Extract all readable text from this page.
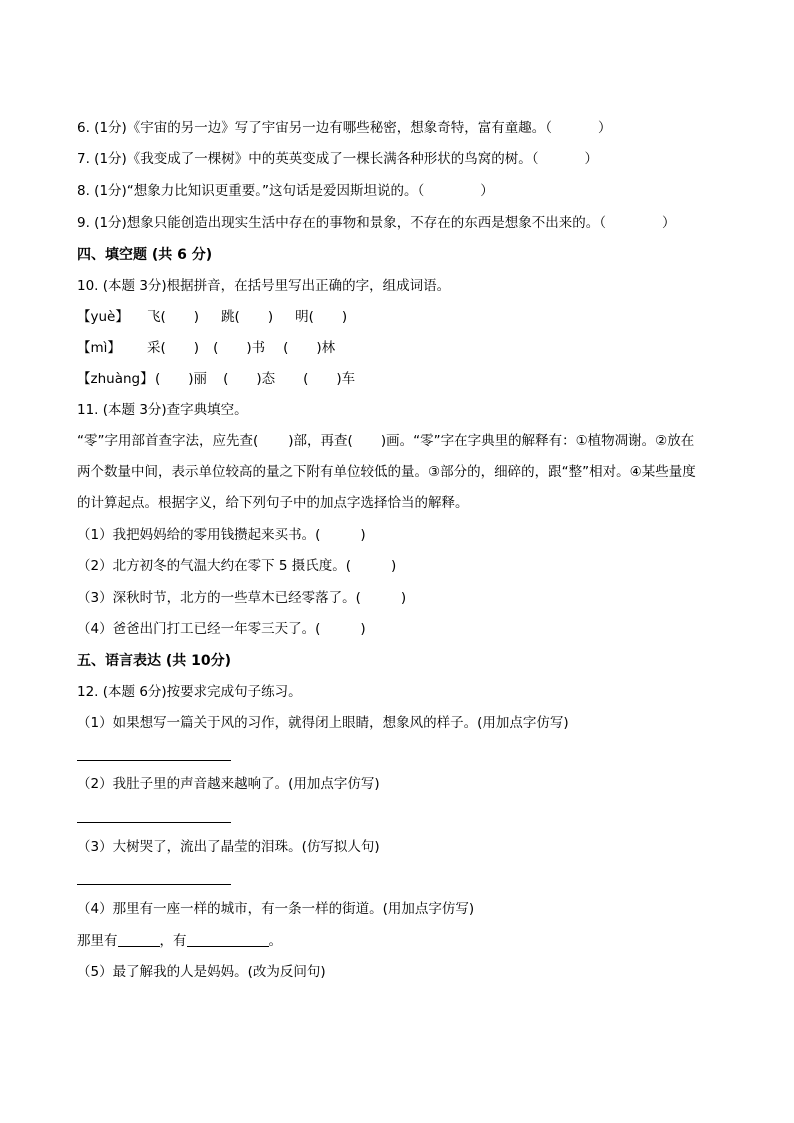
6. (1分)《宇宙的另一边》写了宇宙另一边有哪些秘密，想象奇特，富有童趣。（	）
7. (1分)《我变成了一棵树》中的英英变成了一棵长满各种形状的鸟窝的树。（	）
8. (1分)“想象力比知识更重要。”这句话是爱因斯坦说的。（	）
9. (1分)想象只能创造出现实生活中存在的事物和景象，不存在的东西是想象不出来的。（	）
四、填空题 (共 6 分)
10. (本题 3分)根据拼音，在括号里写出正确的字，组成词语。
【yuè】 飞( ) 跳( ) 明( )
【mì】 采( ) ( )书 ( )林
【zhuàng】( )丽 ( )态 ( )车
11. (本题 3分)查字典填空。
“零”字用部首查字法，应先查( )部，再查( )画。“零”字在字典里的解释有：①植物凋谢。②放在
两个数量中间，表示单位较高的量之下附有单位较低的量。③部分的，细碎的，跟“整”相对。④某些量度
的计算起点。根据字义，给下列句子中的加点字选择恰当的解释。
（1）我把妈妈给的零用钱攒起来买书。(	)
（2）北方初冬的气温大约在零下 5 摄氏度。(	)
（3）深秋时节，北方的一些草木已经零落了。(	)
（4）爸爸出门打工已经一年零三天了。(	)
五、语言表达 (共 10分)
12. (本题 6分)按要求完成句子练习。
（1）如果想写一篇关于风的习作，就得闭上眼睛，想象风的样子。(用加点字仿写)
（2）我肚子里的声音越来越响了。(用加点字仿写)
（3）大树哭了，流出了晶莹的泪珠。(仿写拟人句)
（4）那里有一座一样的城市，有一条一样的街道。(用加点字仿写)
那里有	，有	。
（5）最了解我的人是妈妈。(改为反问句)
